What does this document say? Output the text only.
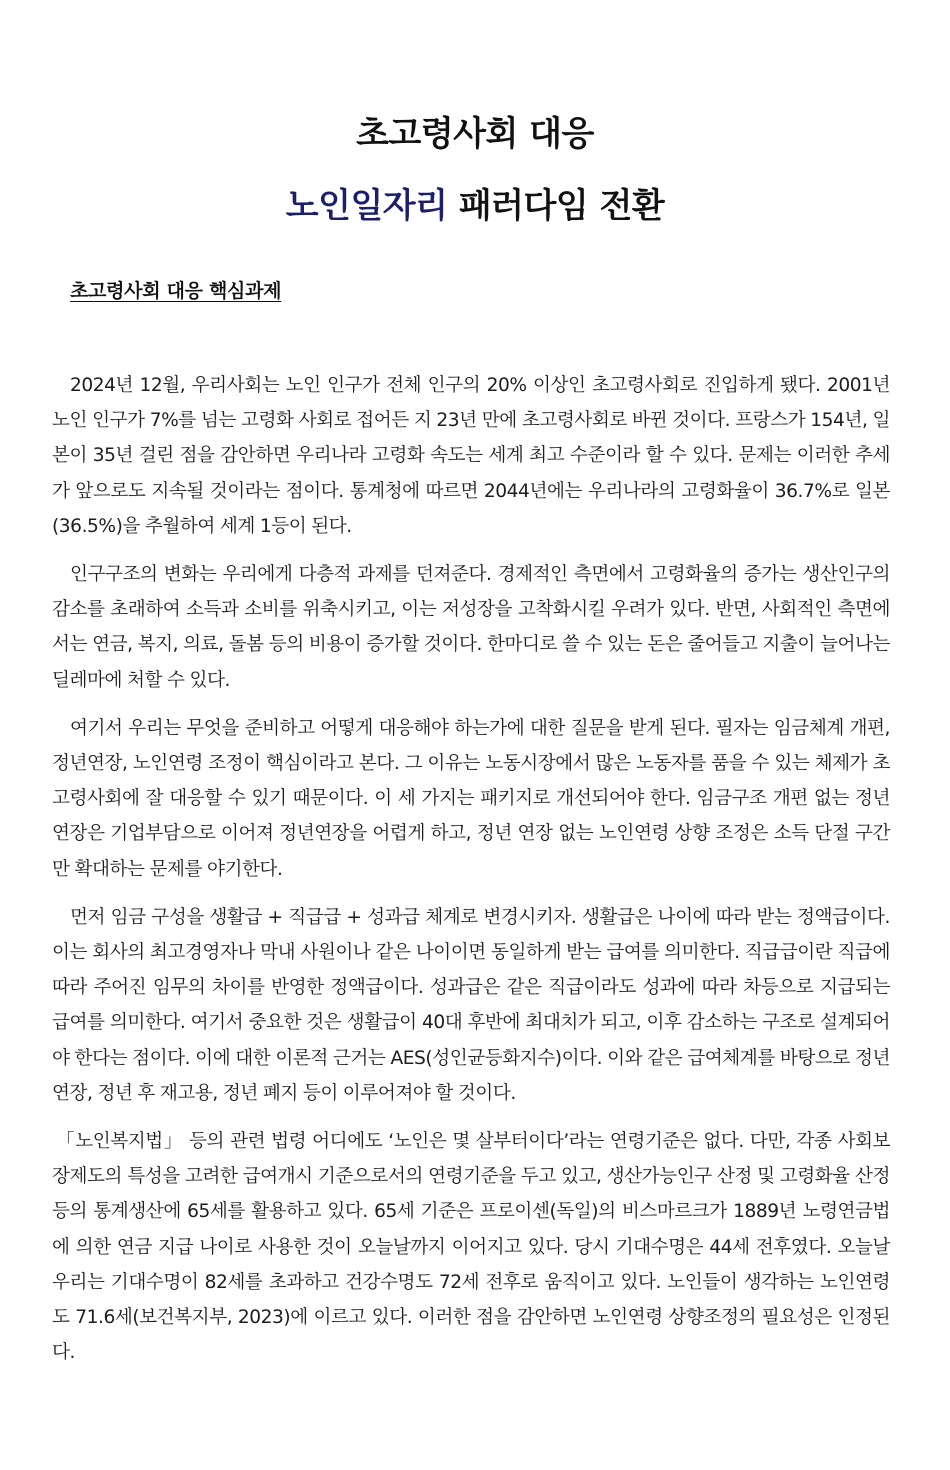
초고령사회 대응
노인일자리 패러다임 전환
초고령사회 대응 핵심과제

2024년 12월, 우리사회는 노인 인구가 전체 인구의 20% 이상인 초고령사회로 진입하게 됐다. 2001년 노인 인구가 7%를 넘는 고령화 사회로 접어든 지 23년 만에 초고령사회로 바뀐 것이다. 프랑스가 154년, 일본이 35년 걸린 점을 감안하면 우리나라 고령화 속도는 세계 최고 수준이라 할 수 있다. 문제는 이러한 추세가 앞으로도 지속될 것이라는 점이다. 통계청에 따르면 2044년에는 우리나라의 고령화율이 36.7%로 일본(36.5%)을 추월하여 세계 1등이 된다.

인구구조의 변화는 우리에게 다층적 과제를 던져준다. 경제적인 측면에서 고령화율의 증가는 생산인구의 감소를 초래하여 소득과 소비를 위축시키고, 이는 저성장을 고착화시킬 우려가 있다. 반면, 사회적인 측면에서는 연금, 복지, 의료, 돌봄 등의 비용이 증가할 것이다. 한마디로 쓸 수 있는 돈은 줄어들고 지출이 늘어나는 딜레마에 처할 수 있다.

여기서 우리는 무엇을 준비하고 어떻게 대응해야 하는가에 대한 질문을 받게 된다. 필자는 임금체계 개편, 정년연장, 노인연령 조정이 핵심이라고 본다. 그 이유는 노동시장에서 많은 노동자를 품을 수 있는 체제가 초고령사회에 잘 대응할 수 있기 때문이다. 이 세 가지는 패키지로 개선되어야 한다. 임금구조 개편 없는 정년 연장은 기업부담으로 이어져 정년연장을 어렵게 하고, 정년 연장 없는 노인연령 상향 조정은 소득 단절 구간만 확대하는 문제를 야기한다.

먼저 임금 구성을 생활급 + 직급급 + 성과급 체계로 변경시키자. 생활급은 나이에 따라 받는 정액급이다. 이는 회사의 최고경영자나 막내 사원이나 같은 나이이면 동일하게 받는 급여를 의미한다. 직급급이란 직급에 따라 주어진 임무의 차이를 반영한 정액급이다. 성과급은 같은 직급이라도 성과에 따라 차등으로 지급되는 급여를 의미한다. 여기서 중요한 것은 생활급이 40대 후반에 최대치가 되고, 이후 감소하는 구조로 설계되어야 한다는 점이다. 이에 대한 이론적 근거는 AES(성인균등화지수)이다. 이와 같은 급여체계를 바탕으로 정년연장, 정년 후 재고용, 정년 폐지 등이 이루어져야 할 것이다.

「노인복지법」 등의 관련 법령 어디에도 ‘노인은 몇 살부터이다’라는 연령기준은 없다. 다만, 각종 사회보장제도의 특성을 고려한 급여개시 기준으로서의 연령기준을 두고 있고, 생산가능인구 산정 및 고령화율 산정 등의 통계생산에 65세를 활용하고 있다. 65세 기준은 프로이센(독일)의 비스마르크가 1889년 노령연금법에 의한 연금 지급 나이로 사용한 것이 오늘날까지 이어지고 있다. 당시 기대수명은 44세 전후였다. 오늘날 우리는 기대수명이 82세를 초과하고 건강수명도 72세 전후로 움직이고 있다. 노인들이 생각하는 노인연령도 71.6세(보건복지부, 2023)에 이르고 있다. 이러한 점을 감안하면 노인연령 상향조정의 필요성은 인정된다.
